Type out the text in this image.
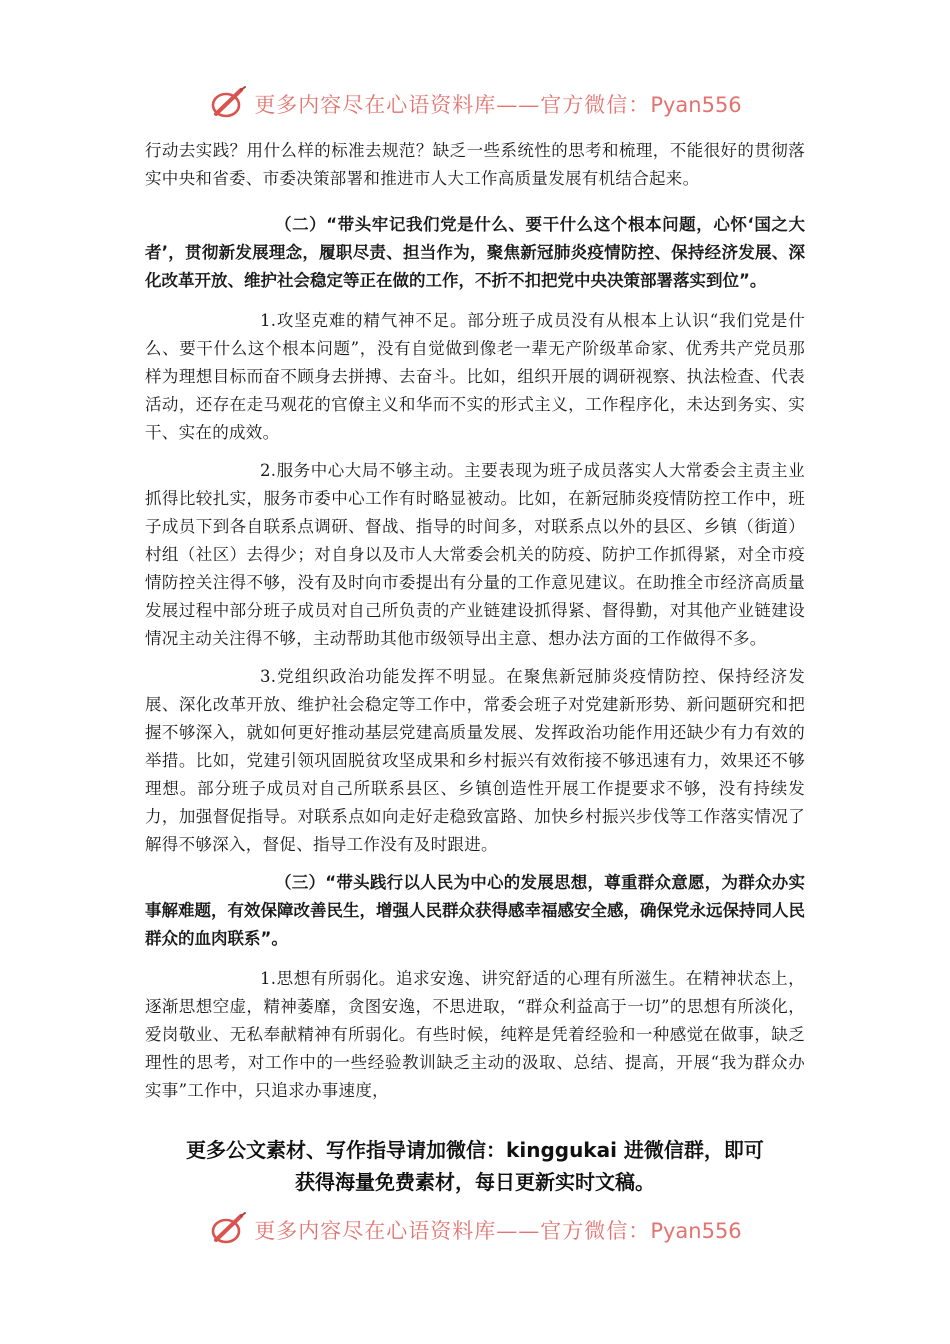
更多内容尽在心语资料库——官方微信：Pyan556

行动去实践？用什么样的标准去规范？缺乏一些系统性的思考和梳理，不能很好的贯彻落实中央和省委、市委决策部署和推进市人大工作高质量发展有机结合起来。

（二）“带头牢记我们党是什么、要干什么这个根本问题，心怀‘国之大者’，贯彻新发展理念，履职尽责、担当作为，聚焦新冠肺炎疫情防控、保持经济发展、深化改革开放、维护社会稳定等正在做的工作，不折不扣把党中央决策部署落实到位”。

1.攻坚克难的精气神不足。部分班子成员没有从根本上认识“我们党是什么、要干什么这个根本问题”，没有自觉做到像老一辈无产阶级革命家、优秀共产党员那样为理想目标而奋不顾身去拼搏、去奋斗。比如，组织开展的调研视察、执法检查、代表活动，还存在走马观花的官僚主义和华而不实的形式主义，工作程序化，未达到务实、实干、实在的成效。

2.服务中心大局不够主动。主要表现为班子成员落实人大常委会主责主业抓得比较扎实，服务市委中心工作有时略显被动。比如，在新冠肺炎疫情防控工作中，班子成员下到各自联系点调研、督战、指导的时间多，对联系点以外的县区、乡镇（街道）村组（社区）去得少；对自身以及市人大常委会机关的防疫、防护工作抓得紧，对全市疫情防控关注得不够，没有及时向市委提出有分量的工作意见建议。在助推全市经济高质量发展过程中部分班子成员对自己所负责的产业链建设抓得紧、督得勤，对其他产业链建设情况主动关注得不够，主动帮助其他市级领导出主意、想办法方面的工作做得不多。

3.党组织政治功能发挥不明显。在聚焦新冠肺炎疫情防控、保持经济发展、深化改革开放、维护社会稳定等工作中，常委会班子对党建新形势、新问题研究和把握不够深入，就如何更好推动基层党建高质量发展、发挥政治功能作用还缺少有力有效的举措。比如，党建引领巩固脱贫攻坚成果和乡村振兴有效衔接不够迅速有力，效果还不够理想。部分班子成员对自己所联系县区、乡镇创造性开展工作提要求不够，没有持续发力，加强督促指导。对联系点如向走好走稳致富路、加快乡村振兴步伐等工作落实情况了解得不够深入，督促、指导工作没有及时跟进。

（三）“带头践行以人民为中心的发展思想，尊重群众意愿，为群众办实事解难题，有效保障改善民生，增强人民群众获得感幸福感安全感，确保党永远保持同人民群众的血肉联系”。

1.思想有所弱化。追求安逸、讲究舒适的心理有所滋生。在精神状态上，逐渐思想空虚，精神萎靡，贪图安逸，不思进取，“群众利益高于一切”的思想有所淡化，爱岗敬业、无私奉献精神有所弱化。有些时候，纯粹是凭着经验和一种感觉在做事，缺乏理性的思考，对工作中的一些经验教训缺乏主动的汲取、总结、提高，开展“我为群众办实事”工作中，只追求办事速度，

更多公文素材、写作指导请加微信：kinggukai 进微信群，即可
获得海量免费素材，每日更新实时文稿。
更多内容尽在心语资料库——官方微信：Pyan556
